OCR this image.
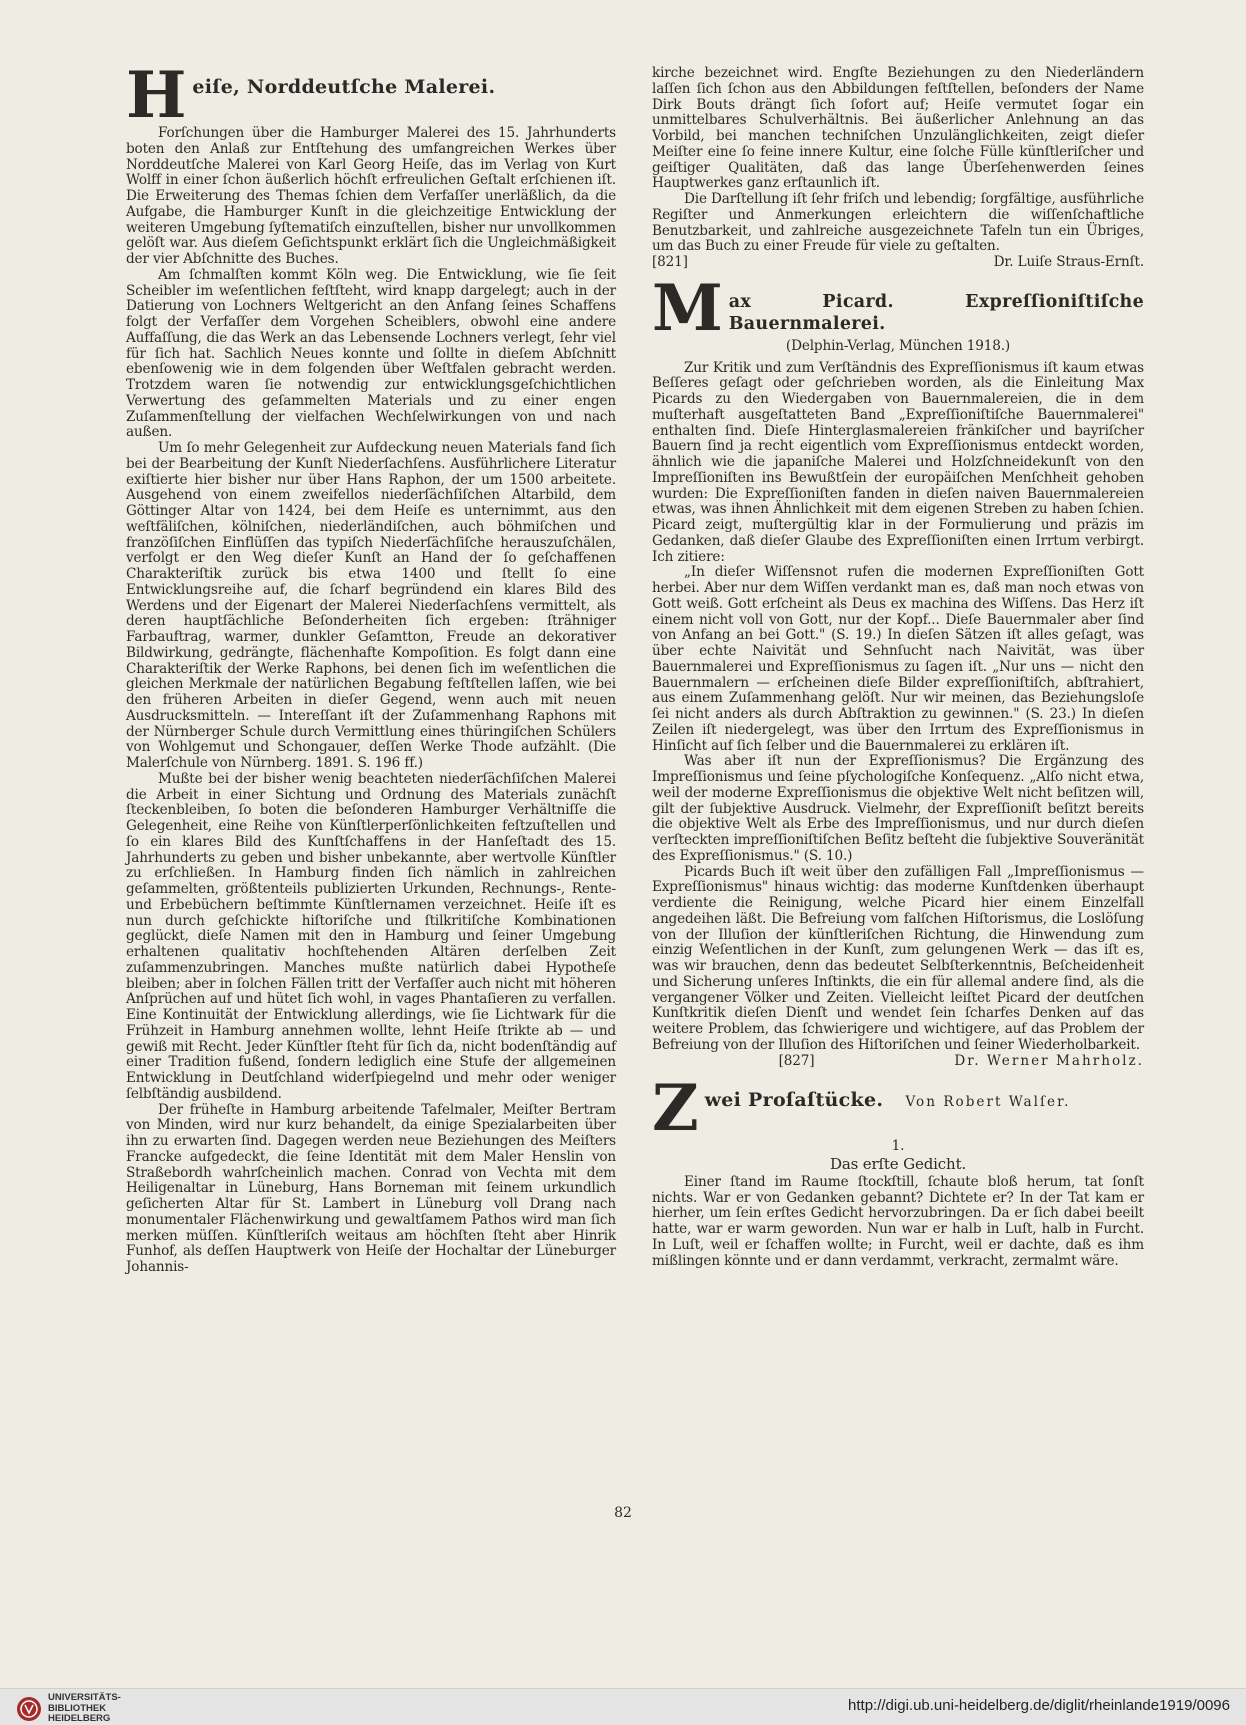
H eiſe, Norddeutſche Malerei.

Forſchungen über die Hamburger Malerei des 15. Jahrhunderts boten den Anlaß zur Entſtehung des umfangreichen Werkes über Norddeutſche Malerei von Karl Georg Heiſe, das im Verlag von Kurt Wolff in einer ſchon äußerlich höchſt erfreulichen Geſtalt erſchienen iſt. Die Erweiterung des Themas ſchien dem Verfaſſer unerläßlich, da die Aufgabe, die Hamburger Kunſt in die gleichzeitige Entwicklung der weiteren Umgebung ſyſtematiſch einzuſtellen, bisher nur unvollkommen gelöſt war. Aus dieſem Geſichtspunkt erklärt ſich die Ungleichmäßigkeit der vier Abſchnitte des Buches.

Am ſchmalſten kommt Köln weg. Die Entwicklung, wie ſie ſeit Scheibler im weſentlichen feſtſteht, wird knapp dargelegt; auch in der Datierung von Lochners Weltgericht an den Anfang ſeines Schaffens folgt der Verfaſſer dem Vorgehen Scheiblers, obwohl eine andere Auffaſſung, die das Werk an das Lebensende Lochners verlegt, ſehr viel für ſich hat. Sachlich Neues konnte und ſollte in dieſem Abſchnitt ebenſowenig wie in dem folgenden über Weſtfalen gebracht werden. Trotzdem waren ſie notwendig zur entwicklungsgeſchichtlichen Verwertung des geſammelten Materials und zu einer engen Zuſammenſtellung der vielfachen Wechſelwirkungen von und nach außen.

Um ſo mehr Gelegenheit zur Aufdeckung neuen Materials fand ſich bei der Bearbeitung der Kunſt Niederſachſens. Ausführlichere Literatur exiſtierte hier bisher nur über Hans Raphon, der um 1500 arbeitete. Ausgehend von einem zweifellos niederſächſiſchen Altarbild, dem Göttinger Altar von 1424, bei dem Heiſe es unternimmt, aus den weſtfäliſchen, kölniſchen, niederländiſchen, auch böhmiſchen und franzöſiſchen Einflüſſen das typiſch Niederſächſiſche herauszuſchälen, verfolgt er den Weg dieſer Kunſt an Hand der ſo geſchaffenen Charakteriſtik zurück bis etwa 1400 und ſtellt ſo eine Entwicklungsreihe auf, die ſcharf begründend ein klares Bild des Werdens und der Eigenart der Malerei Niederſachſens vermittelt, als deren hauptſächliche Beſonderheiten ſich ergeben: ſträhniger Farbauftrag, warmer, dunkler Geſamtton, Freude an dekorativer Bildwirkung, gedrängte, flächenhafte Kompoſition. Es folgt dann eine Charakteriſtik der Werke Raphons, bei denen ſich im weſentlichen die gleichen Merkmale der natürlichen Begabung feſtſtellen laſſen, wie bei den früheren Arbeiten in dieſer Gegend, wenn auch mit neuen Ausdrucksmitteln. — Intereſſant iſt der Zuſammenhang Raphons mit der Nürnberger Schule durch Vermittlung eines thüringiſchen Schülers von Wohlgemut und Schongauer, deſſen Werke Thode aufzählt. (Die Malerſchule von Nürnberg. 1891. S. 196 ff.)

Mußte bei der bisher wenig beachteten niederſächſiſchen Malerei die Arbeit in einer Sichtung und Ordnung des Materials zunächſt ſteckenbleiben, ſo boten die beſonderen Hamburger Verhältniſſe die Gelegenheit, eine Reihe von Künſtlerperſönlichkeiten feſtzuſtellen und ſo ein klares Bild des Kunſtſchaffens in der Hanſeſtadt des 15. Jahrhunderts zu geben und bisher unbekannte, aber wertvolle Künſtler zu erſchließen. In Hamburg finden ſich nämlich in zahlreichen geſammelten, größtenteils publizierten Urkunden, Rechnungs-, Rente- und Erbebüchern beſtimmte Künſtlernamen verzeichnet. Heiſe iſt es nun durch geſchickte hiſtoriſche und ſtilkritiſche Kombinationen geglückt, dieſe Namen mit den in Hamburg und ſeiner Umgebung erhaltenen qualitativ hochſtehenden Altären derſelben Zeit zuſammenzubringen. Manches mußte natürlich dabei Hypotheſe bleiben; aber in ſolchen Fällen tritt der Verfaſſer auch nicht mit höheren Anſprüchen auf und hütet ſich wohl, in vages Phantaſieren zu verfallen. Eine Kontinuität der Entwicklung allerdings, wie ſie Lichtwark für die Frühzeit in Hamburg annehmen wollte, lehnt Heiſe ſtrikte ab — und gewiß mit Recht. Jeder Künſtler ſteht für ſich da, nicht bodenſtändig auf einer Tradition fußend, ſondern lediglich eine Stufe der allgemeinen Entwicklung in Deutſchland widerſpiegelnd und mehr oder weniger ſelbſtändig ausbildend.

Der früheſte in Hamburg arbeitende Tafelmaler, Meiſter Bertram von Minden, wird nur kurz behandelt, da einige Spezialarbeiten über ihn zu erwarten ſind. Dagegen werden neue Beziehungen des Meiſters Francke aufgedeckt, die ſeine Identität mit dem Maler Henslin von Straßebordh wahrſcheinlich machen. Conrad von Vechta mit dem Heiligenaltar in Lüneburg, Hans Borneman mit ſeinem urkundlich geſicherten Altar für St. Lambert in Lüneburg voll Drang nach monumentaler Flächenwirkung und gewaltſamem Pathos wird man ſich merken müſſen. Künſtleriſch weitaus am höchſten ſteht aber Hinrik Funhof, als deſſen Hauptwerk von Heiſe der Hochaltar der Lüneburger Johannis-

kirche bezeichnet wird. Engſte Beziehungen zu den Niederländern laſſen ſich ſchon aus den Abbildungen feſtſtellen, beſonders der Name Dirk Bouts drängt ſich ſofort auf; Heiſe vermutet ſogar ein unmittelbares Schulverhältnis. Bei äußerlicher Anlehnung an das Vorbild, bei manchen techniſchen Unzulänglichkeiten, zeigt dieſer Meiſter eine ſo feine innere Kultur, eine ſolche Fülle künſtleriſcher und geiſtiger Qualitäten, daß das lange Überſehenwerden ſeines Hauptwerkes ganz erſtaunlich iſt.

Die Darſtellung iſt ſehr friſch und lebendig; ſorgfältige, ausführliche Regiſter und Anmerkungen erleichtern die wiſſenſchaftliche Benutzbarkeit, und zahlreiche ausgezeichnete Tafeln tun ein Übriges, um das Buch zu einer Freude für viele zu geſtalten.

[821]	Dr. Luiſe Straus-Ernſt.
M ax Picard. Expreſſioniſtiſche Bauernmalerei.
(Delphin-Verlag, München 1918.)

Zur Kritik und zum Verſtändnis des Expreſſionismus iſt kaum etwas Beſſeres geſagt oder geſchrieben worden, als die Einleitung Max Picards zu den Wiedergaben von Bauernmalereien, die in dem muſterhaft ausgeſtatteten Band „Expreſſioniſtiſche Bauernmalerei" enthalten ſind. Dieſe Hinterglasmalereien fränkiſcher und bayriſcher Bauern ſind ja recht eigentlich vom Expreſſionismus entdeckt worden, ähnlich wie die japaniſche Malerei und Holzſchneidekunſt von den Impreſſioniſten ins Bewußtſein der europäiſchen Menſchheit gehoben wurden: Die Expreſſioniſten fanden in dieſen naiven Bauernmalereien etwas, was ihnen Ähnlichkeit mit dem eigenen Streben zu haben ſchien. Picard zeigt, muſtergültig klar in der Formulierung und präzis im Gedanken, daß dieſer Glaube des Expreſſioniſten einen Irrtum verbirgt. Ich zitiere:

„In dieſer Wiſſensnot rufen die modernen Expreſſioniſten Gott herbei. Aber nur dem Wiſſen verdankt man es, daß man noch etwas von Gott weiß. Gott erſcheint als Deus ex machina des Wiſſens. Das Herz iſt einem nicht voll von Gott, nur der Kopf... Dieſe Bauernmaler aber ſind von Anfang an bei Gott." (S. 19.) In dieſen Sätzen iſt alles geſagt, was über echte Naivität und Sehnſucht nach Naivität, was über Bauernmalerei und Expreſſionismus zu ſagen iſt. „Nur uns — nicht den Bauernmalern — erſcheinen dieſe Bilder expreſſioniſtiſch, abſtrahiert, aus einem Zuſammenhang gelöſt. Nur wir meinen, das Beziehungsloſe ſei nicht anders als durch Abſtraktion zu gewinnen." (S. 23.) In dieſen Zeilen iſt niedergelegt, was über den Irrtum des Expreſſionismus in Hinſicht auf ſich ſelber und die Bauernmalerei zu erklären iſt.

Was aber iſt nun der Expreſſionismus? Die Ergänzung des Impreſſionismus und ſeine pſychologiſche Konſequenz. „Alſo nicht etwa, weil der moderne Expreſſionismus die objektive Welt nicht beſitzen will, gilt der ſubjektive Ausdruck. Vielmehr, der Expreſſioniſt beſitzt bereits die objektive Welt als Erbe des Impreſſionismus, und nur durch dieſen verſteckten impreſſioniſtiſchen Beſitz beſteht die ſubjektive Souveränität des Expreſſionismus." (S. 10.)

Picards Buch iſt weit über den zufälligen Fall „Impreſſionismus — Expreſſionismus" hinaus wichtig: das moderne Kunſtdenken überhaupt verdiente die Reinigung, welche Picard hier einem Einzelfall angedeihen läßt. Die Befreiung vom falſchen Hiſtorismus, die Loslöſung von der Illuſion der künſtleriſchen Richtung, die Hinwendung zum einzig Weſentlichen in der Kunſt, zum gelungenen Werk — das iſt es, was wir brauchen, denn das bedeutet Selbſterkenntnis, Beſcheidenheit und Sicherung unſeres Inſtinkts, die ein für allemal andere ſind, als die vergangener Völker und Zeiten. Vielleicht leiſtet Picard der deutſchen Kunſtkritik dieſen Dienſt und wendet ſein ſcharfes Denken auf das weitere Problem, das ſchwierigere und wichtigere, auf das Problem der Befreiung von der Illuſion des Hiſtoriſchen und ſeiner Wiederholbarkeit.

[827]	Dr. Werner Mahrholz.
Z wei Proſaſtücke. Von Robert Walſer.
1.
Das erſte Gedicht.

Einer ſtand im Raume ſtockſtill, ſchaute bloß herum, tat ſonſt nichts. War er von Gedanken gebannt? Dichtete er? In der Tat kam er hierher, um ſein erſtes Gedicht hervorzubringen. Da er ſich dabei beeilt hatte, war er warm geworden. Nun war er halb in Luſt, halb in Furcht. In Luſt, weil er ſchaffen wollte; in Furcht, weil er dachte, daß es ihm mißlingen könnte und er dann verdammt, verkracht, zermalmt wäre.

82
UNIVERSITÄTS-
BIBLIOTHEK
HEIDELBERG
http://digi.ub.uni-heidelberg.de/diglit/rheinlande1919/0096
